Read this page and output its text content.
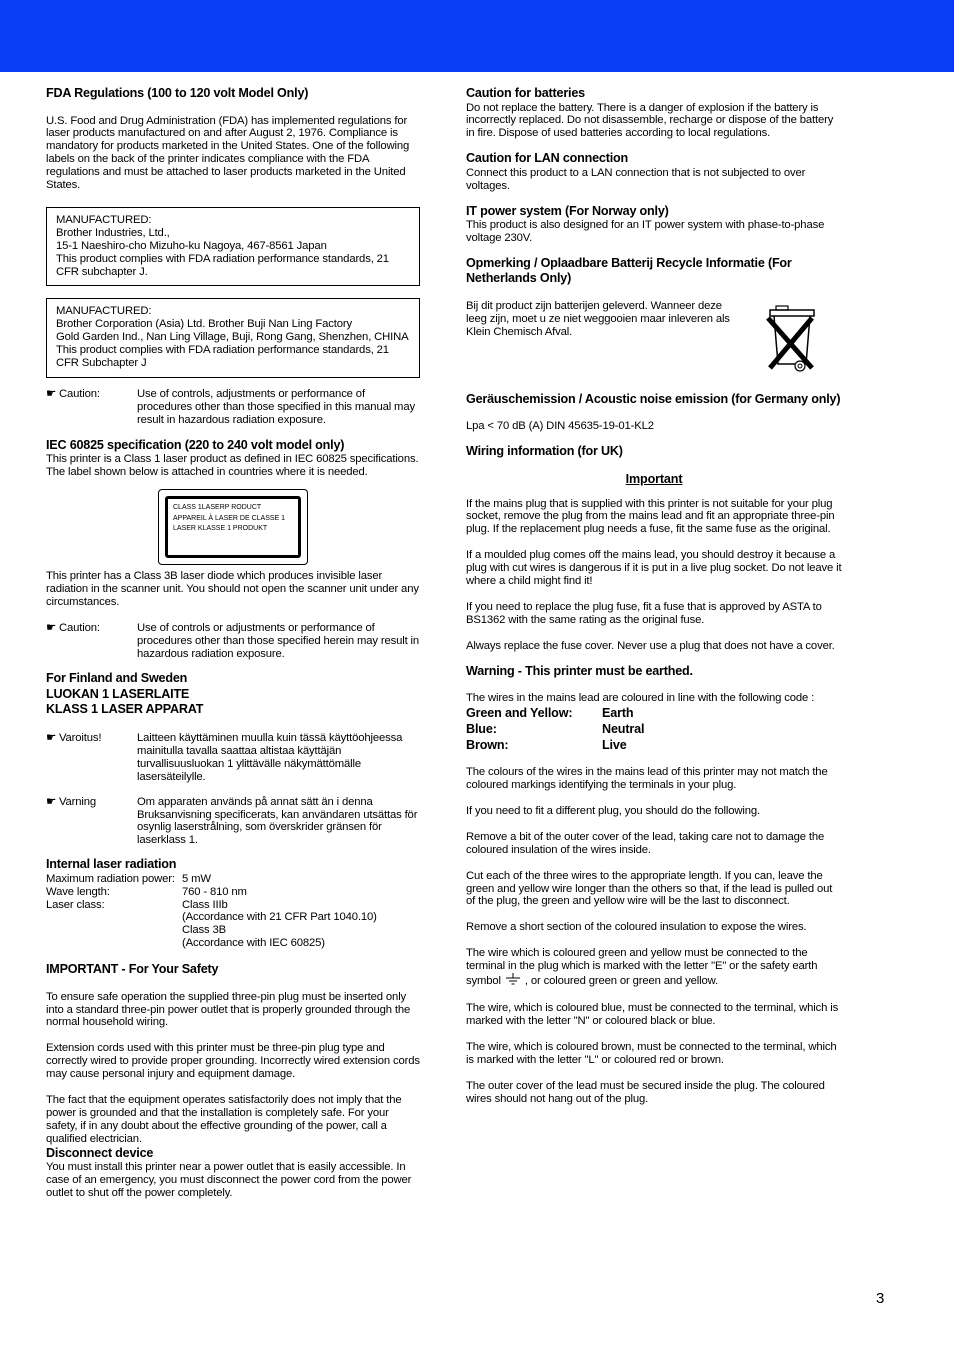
FDA Regulations (100 to 120 volt Model Only)

U.S. Food and Drug Administration (FDA) has implemented regulations for laser products manufactured on and after August 2, 1976. Compliance is mandatory for products marketed in the United States. One of the following labels on the back of the printer indicates compliance with the FDA regulations and must be attached to laser products marketed in the United States.

MANUFACTURED:

Brother Industries, Ltd.,

15-1 Naeshiro-cho Mizuho-ku Nagoya, 467-8561 Japan

This product complies with FDA radiation performance standards, 21 CFR subchapter J.

MANUFACTURED:

Brother Corporation (Asia) Ltd. Brother Buji Nan Ling Factory

Gold Garden Ind., Nan Ling Village, Buji, Rong Gang, Shenzhen, CHINA

This product complies with FDA radiation performance standards, 21 CFR Subchapter J

☛ Caution:	Use of controls, adjustments or performance of procedures other than those specified in this manual may result in hazardous radiation exposure.

IEC 60825 specification (220 to 240 volt model only)

This printer is a Class 1 laser product as defined in IEC 60825 specifications. The label shown below is attached in countries where it is needed.

CLASS 1LASERP RODUCT
APPAREIL À LASER DE CLASSE 1
LASER KLASSE 1 PRODUKT

This printer has a Class 3B laser diode which produces invisible laser radiation in the scanner unit. You should not open the scanner unit under any circumstances.

☛ Caution:	Use of controls or adjustments or performance of procedures other than those specified herein may result in hazardous radiation exposure.

For Finland and Sweden

LUOKAN 1 LASERLAITE

KLASS 1 LASER APPARAT

☛ Varoitus!	Laitteen käyttäminen muulla kuin tässä käyttöohjeessa mainitulla tavalla saattaa altistaa käyttäjän turvallisuusluokan 1 ylittävälle näkymättömälle lasersäteilylle.
☛ Varning	Om apparaten används på annat sätt än i denna Bruksanvisning specificerats, kan användaren utsättas för osynlig laserstrålning, som överskrider gränsen för laserklass 1.

Internal laser radiation

Maximum radiation power: 5 mW
Wave length:	760 - 810 nm
Laser class:	Class IIIb
(Accordance with 21 CFR Part 1040.10)
Class 3B
(Accordance with IEC 60825)

IMPORTANT - For Your Safety

To ensure safe operation the supplied three-pin plug must be inserted only into a standard three-pin power outlet that is properly grounded through the normal household wiring.

Extension cords used with this printer must be three-pin plug type and correctly wired to provide proper grounding. Incorrectly wired extension cords may cause personal injury and equipment damage.

The fact that the equipment operates satisfactorily does not imply that the power is grounded and that the installation is completely safe. For your safety, if in any doubt about the effective grounding of the power, call a qualified electrician.

Disconnect device

You must install this printer near a power outlet that is easily accessible. In case of an emergency, you must disconnect the power cord from the power outlet to shut off the power completely.

Caution for batteries

Do not replace the battery. There is a danger of explosion if the battery is incorrectly replaced. Do not disassemble, recharge or dispose of the battery in fire. Dispose of used batteries according to local regulations.

Caution for LAN connection

Connect this product to a LAN connection that is not subjected to over voltages.

IT power system (For Norway only)

This product is also designed for an IT power system with phase-to-phase voltage 230V.

Opmerking / Oplaadbare Batterij Recycle Informatie (For Netherlands Only)

Bij dit product zijn batterijen geleverd. Wanneer deze leeg zijn, moet u ze niet weggooien maar inleveren als Klein Chemisch Afval.

Geräuschemission / Acoustic noise emission (for Germany only)

Lpa < 70 dB (A) DIN 45635-19-01-KL2

Wiring information (for UK)

Important

If the mains plug that is supplied with this printer is not suitable for your plug socket, remove the plug from the mains lead and fit an appropriate three-pin plug. If the replacement plug needs a fuse, fit the same fuse as the original.

If a moulded plug comes off the mains lead, you should destroy it because a plug with cut wires is dangerous if it is put in a live plug socket. Do not leave it where a child might find it!

If you need to replace the plug fuse, fit a fuse that is approved by ASTA to BS1362 with the same rating as the original fuse.

Always replace the fuse cover. Never use a plug that does not have a cover.

Warning - This printer must be earthed.

The wires in the mains lead are coloured in line with the following code :

Green and Yellow:	Earth
Blue:	Neutral
Brown:	Live

The colours of the wires in the mains lead of this printer may not match the coloured markings identifying the terminals in your plug.

If you need to fit a different plug, you should do the following.

Remove a bit of the outer cover of the lead, taking care not to damage the coloured insulation of the wires inside.

Cut each of the three wires to the appropriate length. If you can, leave the green and yellow wire longer than the others so that, if the lead is pulled out of the plug, the green and yellow wire will be the last to disconnect.

Remove a short section of the coloured insulation to expose the wires.

The wire which is coloured green and yellow must be connected to the terminal in the plug which is marked with the letter "E" or the safety earth symbol , or coloured green or green and yellow.

The wire, which is coloured blue, must be connected to the terminal, which is marked with the letter "N" or coloured black or blue.

The wire, which is coloured brown, must be connected to the terminal, which is marked with the letter "L" or coloured red or brown.

The outer cover of the lead must be secured inside the plug. The coloured wires should not hang out of the plug.

3
